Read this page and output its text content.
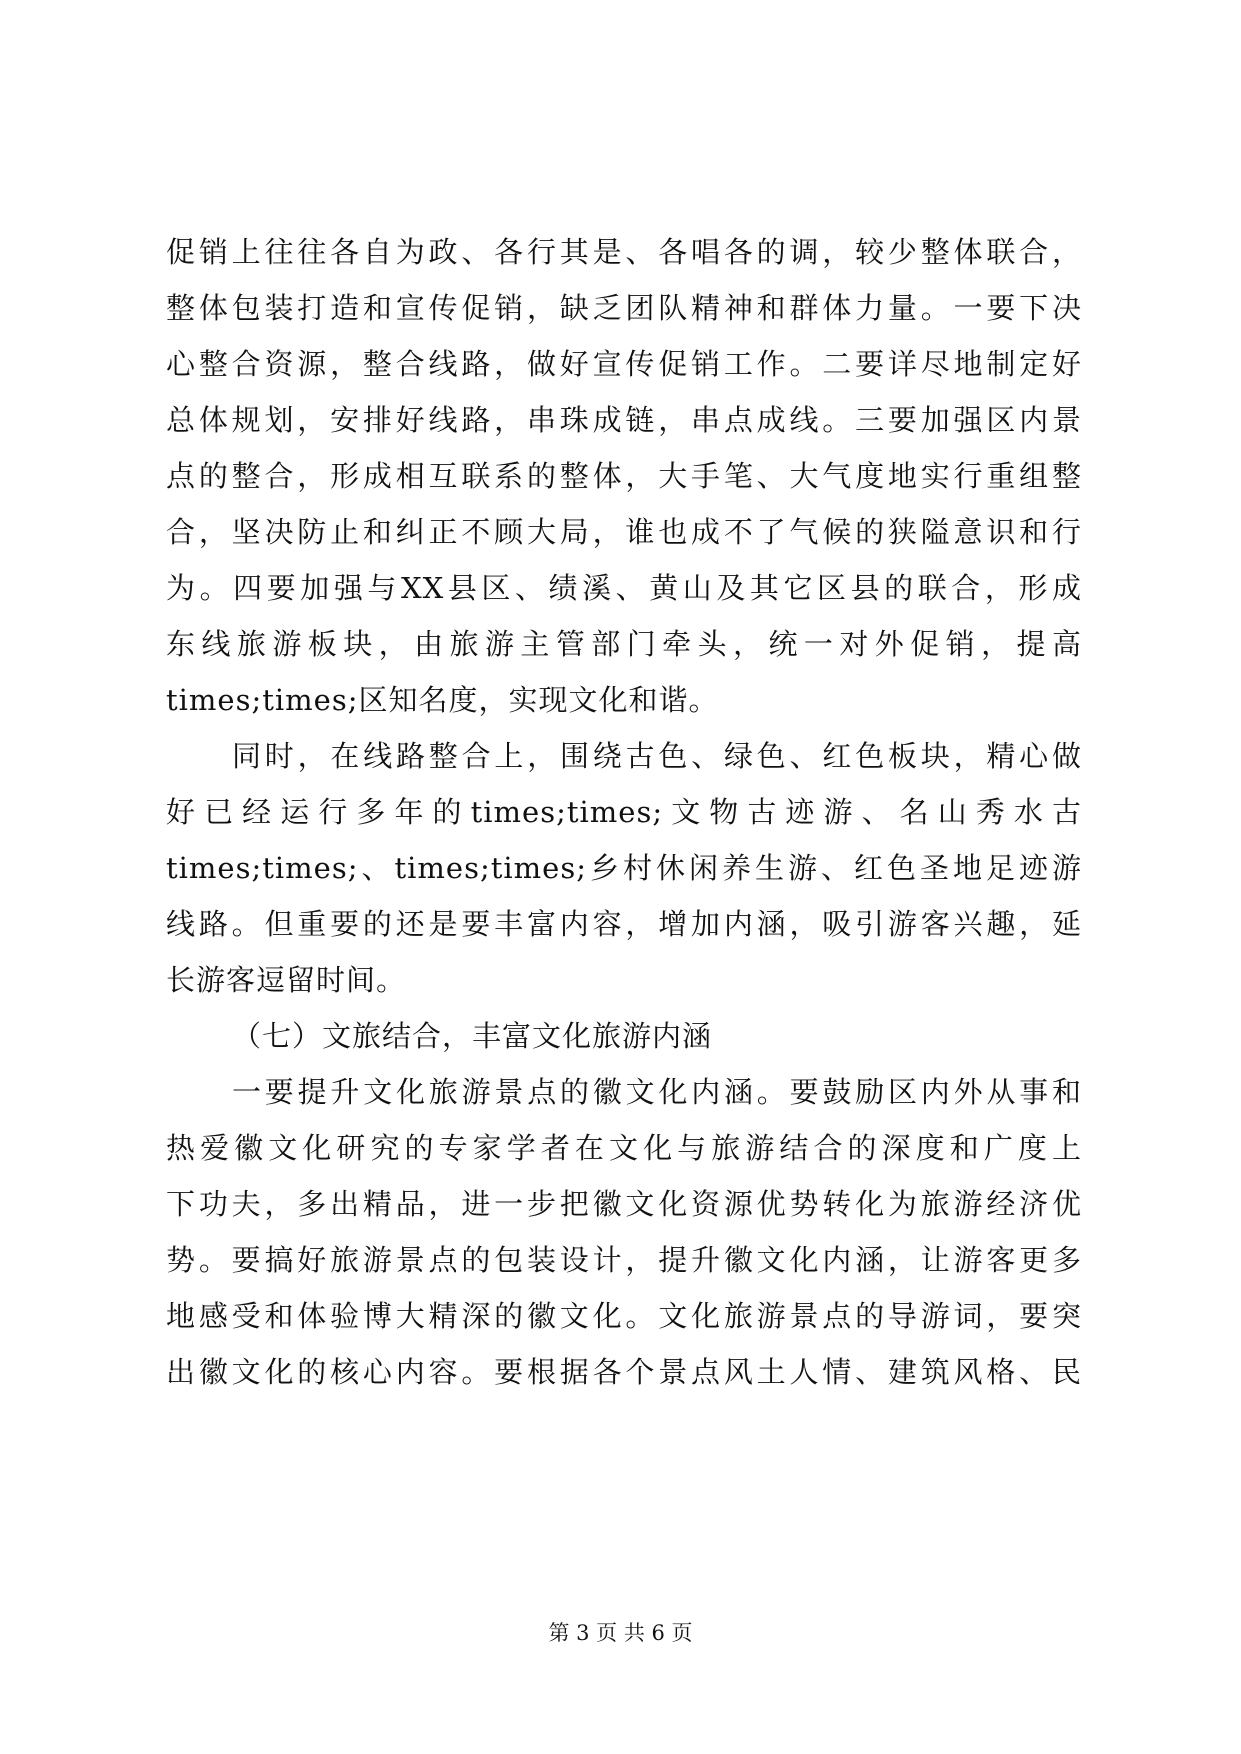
促销上往往各自为政、各行其是、各唱各的调，较少整体联合，
整体包装打造和宣传促销，缺乏团队精神和群体力量。一要下决
心整合资源，整合线路，做好宣传促销工作。二要详尽地制定好
总体规划，安排好线路，串珠成链，串点成线。三要加强区内景
点的整合，形成相互联系的整体，大手笔、大气度地实行重组整
合，坚决防止和纠正不顾大局，谁也成不了气候的狭隘意识和行
为。四要加强与XX县区、绩溪、黄山及其它区县的联合，形成
东线旅游板块，由旅游主管部门牵头，统一对外促销，提高
times;times;区知名度，实现文化和谐。
同时，在线路整合上，围绕古色、绿色、红色板块，精心做
好已经运行多年的times;times;文物古迹游、名山秀水古
times;times;、times;times;乡村休闲养生游、红色圣地足迹游
线路。但重要的还是要丰富内容，增加内涵，吸引游客兴趣，延
长游客逗留时间。
（七）文旅结合，丰富文化旅游内涵
一要提升文化旅游景点的徽文化内涵。要鼓励区内外从事和
热爱徽文化研究的专家学者在文化与旅游结合的深度和广度上
下功夫，多出精品，进一步把徽文化资源优势转化为旅游经济优
势。要搞好旅游景点的包装设计，提升徽文化内涵，让游客更多
地感受和体验博大精深的徽文化。文化旅游景点的导游词，要突
出徽文化的核心内容。要根据各个景点风土人情、建筑风格、民
第 3 页 共 6 页
